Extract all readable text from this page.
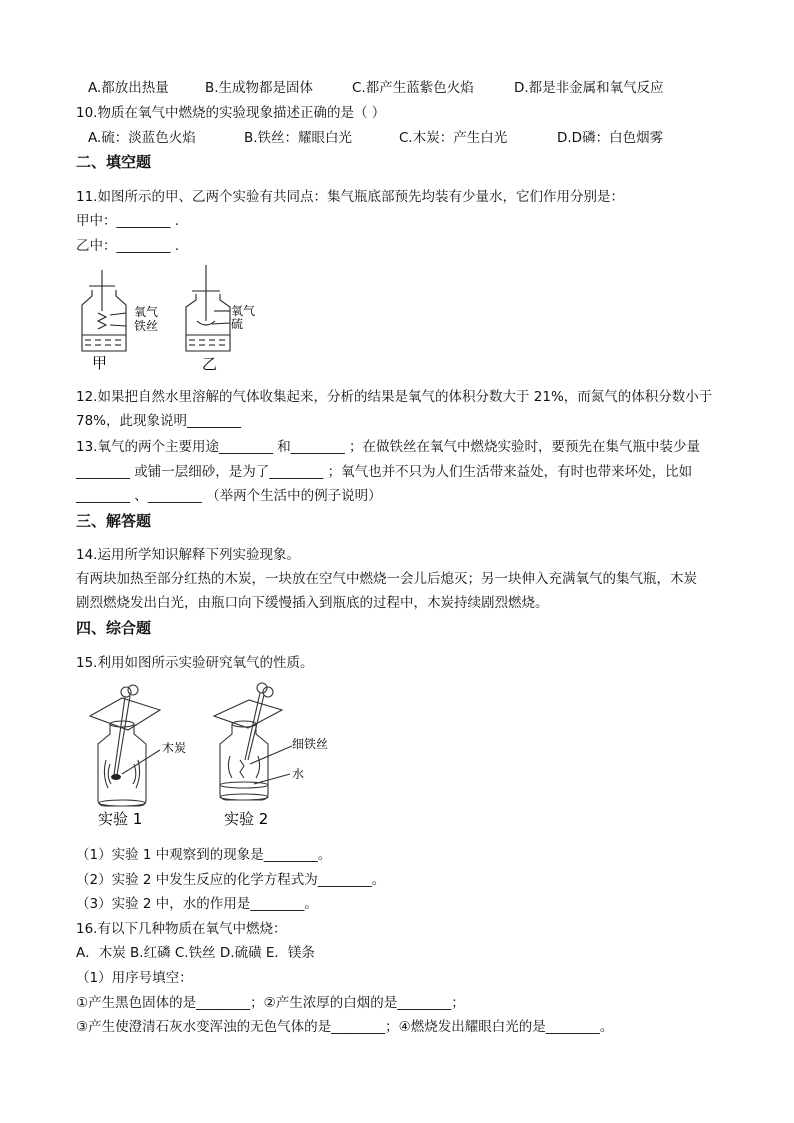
A.都放出热量	B.生成物都是固体	C.都产生蓝紫色火焰	D.都是非金属和氧气反应
10.物质在氧气中燃烧的实验现象描述正确的是（ ）
A.硫：淡蓝色火焰	B.铁丝：耀眼白光	C.木炭：产生白光	D.D磷：白色烟雾
二、填空题
11.如图所示的甲、乙两个实验有共同点：集气瓶底部预先均装有少量水，它们作用分别是：
甲中：________ .
乙中：________ .
氧气
铁丝
甲
氧气
硫
乙
12.如果把自然水里溶解的气体收集起来，分析的结果是氧气的体积分数大于 21%，而氮气的体积分数小于
78%，此现象说明________
13.氧气的两个主要用途________ 和________ ；在做铁丝在氧气中燃烧实验时，要预先在集气瓶中装少量
________ 或铺一层细砂，是为了________ ；氧气也并不只为人们生活带来益处，有时也带来坏处，比如
________ 、________ （举两个生活中的例子说明）
三、解答题
14.运用所学知识解释下列实验现象。
有两块加热至部分红热的木炭，一块放在空气中燃烧一会儿后熄灭；另一块伸入充满氧气的集气瓶，木炭
剧烈燃烧发出白光，由瓶口向下缓慢插入到瓶底的过程中，木炭持续剧烈燃烧。
四、综合题
15.利用如图所示实验研究氧气的性质。
木炭
实验 1
细铁丝
水
实验 2
（1）实验 1 中观察到的现象是________。
（2）实验 2 中发生反应的化学方程式为________。
（3）实验 2 中，水的作用是________。
16.有以下几种物质在氧气中燃烧：
A．木炭 B.红磷 C.铁丝 D.硫磺 E．镁条
（1）用序号填空：
①产生黑色固体的是________；②产生浓厚的白烟的是________；
③产生使澄清石灰水变浑浊的无色气体的是________；④燃烧发出耀眼白光的是________。
